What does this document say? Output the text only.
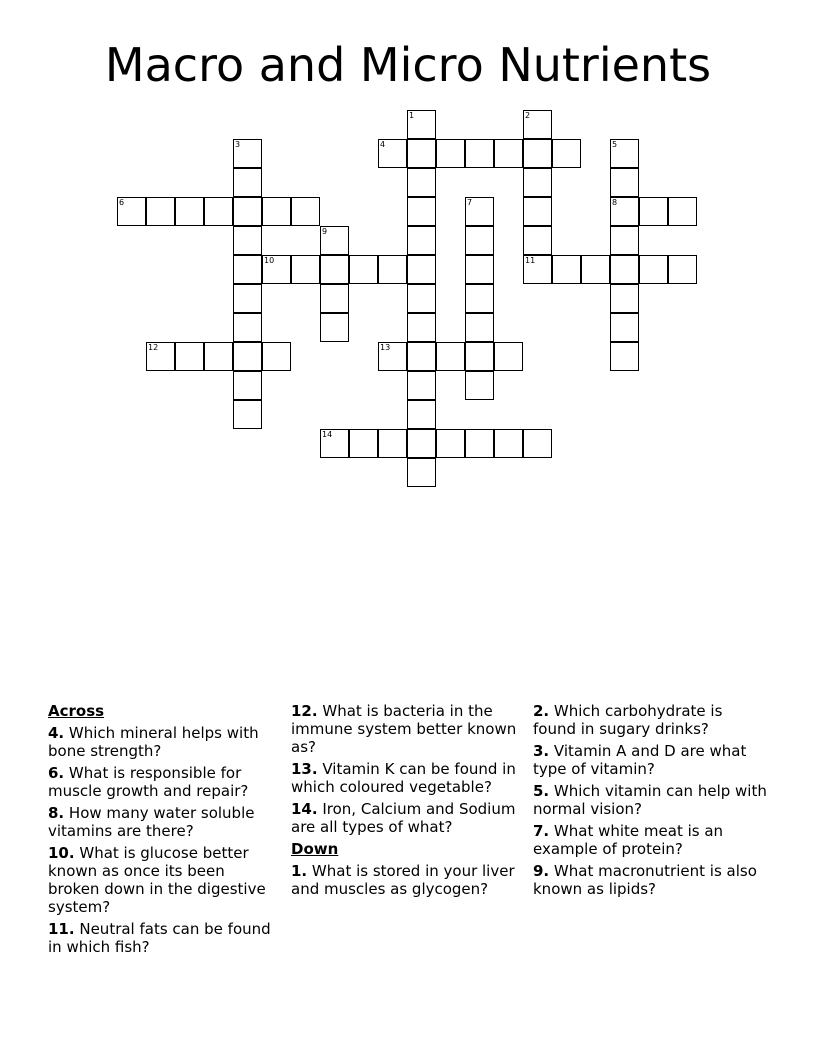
Macro and Micro Nutrients
1	2
11
3	4	5
8
6	7
9
10
12	13
14
Across
4. Which mineral helps with bone strength?
6. What is responsible for muscle growth and repair?
8. How many water soluble vitamins are there?
10. What is glucose better known as once its been broken down in the digestive system?
11. Neutral fats can be found in which fish?
12. What is bacteria in the immune system better known as?
13. Vitamin K can be found in which coloured vegetable?
14. Iron, Calcium and Sodium are all types of what?
Down
1. What is stored in your liver and muscles as glycogen?
2. Which carbohydrate is found in sugary drinks?
3. Vitamin A and D are what type of vitamin?
5. Which vitamin can help with normal vision?
7. What white meat is an example of protein?
9. What macronutrient is also known as lipids?
